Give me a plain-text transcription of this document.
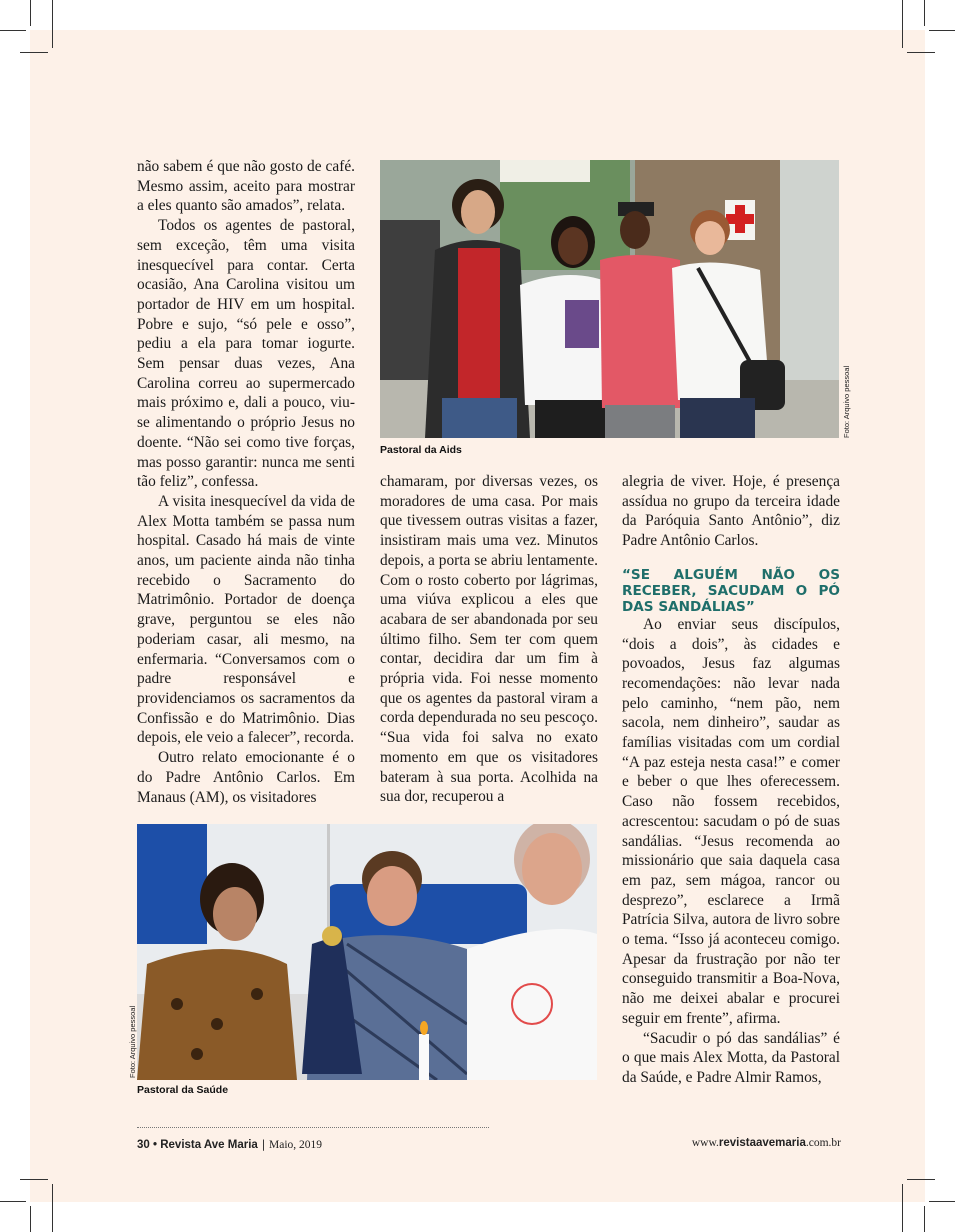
não sabem é que não gosto de café. Mesmo assim, aceito para mostrar a eles quanto são amados”, relata.

Todos os agentes de pastoral, sem exceção, têm uma visita inesquecível para contar. Certa ocasião, Ana Carolina visitou um portador de HIV em um hospital. Pobre e sujo, “só pele e osso”, pediu a ela para tomar iogurte. Sem pensar duas vezes, Ana Carolina correu ao supermercado mais próximo e, dali a pouco, viu-se alimentando o próprio Jesus no doente. “Não sei como tive forças, mas posso garantir: nunca me senti tão feliz”, confessa.

A visita inesquecível da vida de Alex Motta também se passa num hospital. Casado há mais de vinte anos, um paciente ainda não tinha recebido o Sacramento do Matrimônio. Portador de doença grave, perguntou se eles não poderiam casar, ali mesmo, na enfermaria. “Conversamos com o padre responsável e providenciamos os sacramentos da Confissão e do Matrimônio. Dias depois, ele veio a falecer”, recorda.

Outro relato emocionante é o do Padre Antônio Carlos. Em Manaus (AM), os visitadores

Foto: Arquivo pessoal
Pastoral da Aids

chamaram, por diversas vezes, os moradores de uma casa. Por mais que tivessem outras visitas a fazer, insistiram mais uma vez. Minutos depois, a porta se abriu lentamente. Com o rosto coberto por lágrimas, uma viúva explicou a eles que acabara de ser abandonada por seu último filho. Sem ter com quem contar, decidira dar um fim à própria vida. Foi nesse momento que os agentes da pastoral viram a corda dependurada no seu pescoço. “Sua vida foi salva no exato momento em que os visitadores bateram à sua porta. Acolhida na sua dor, recuperou a

alegria de viver. Hoje, é presença assídua no grupo da terceira idade da Paróquia Santo Antônio”, diz Padre Antônio Carlos.

“SE ALGUÉM NÃO OS RECEBER, SACUDAM O PÓ DAS SANDÁLIAS”

Ao enviar seus discípulos, “dois a dois”, às cidades e povoados, Jesus faz algumas recomendações: não levar nada pelo caminho, “nem pão, nem sacola, nem dinheiro”, saudar as famílias visitadas com um cordial “A paz esteja nesta casa!” e comer e beber o que lhes oferecessem. Caso não fossem recebidos, acrescentou: sacudam o pó de suas sandálias. “Jesus recomenda ao missionário que saia daquela casa em paz, sem mágoa, rancor ou desprezo”, esclarece a Irmã Patrícia Silva, autora de livro sobre o tema. “Isso já aconteceu comigo. Apesar da frustração por não ter conseguido transmitir a Boa-Nova, não me deixei abalar e procurei seguir em frente”, afirma.

“Sacudir o pó das sandálias” é o que mais Alex Motta, da Pastoral da Saúde, e Padre Almir Ramos,

Foto: Arquivo pessoal
Pastoral da Saúde
30 • Revista Ave Maria | Maio, 2019	www.revistaavemaria.com.br
